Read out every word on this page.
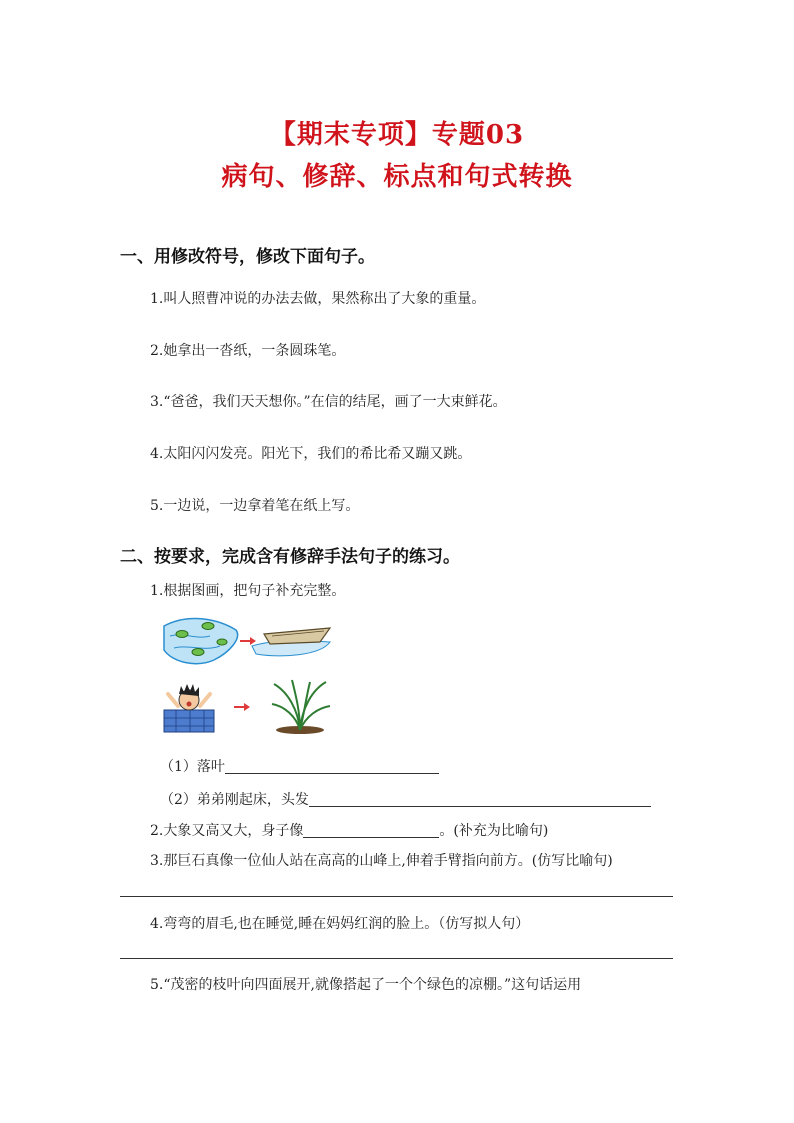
【期末专项】专题03
病句、修辞、标点和句式转换
一、用修改符号，修改下面句子。
1.叫人照曹冲说的办法去做，果然称出了大象的重量。
2.她拿出一沓纸，一条圆珠笔。
3.“爸爸，我们天天想你。”在信的结尾，画了一大束鲜花。
4.太阳闪闪发亮。阳光下，我们的希比希又蹦又跳。
5.一边说，一边拿着笔在纸上写。
二、按要求，完成含有修辞手法句子的练习。
1.根据图画，把句子补充完整。
（1）落叶
（2）弟弟刚起床，头发
2.大象又高又大，身子像	。(补充为比喻句)
3.那巨石真像一位仙人站在高高的山峰上,伸着手臂指向前方。(仿写比喻句)
4.弯弯的眉毛,也在睡觉,睡在妈妈红润的脸上。（仿写拟人句）
5.“茂密的枝叶向四面展开,就像搭起了一个个绿色的凉棚。”这句话运用
